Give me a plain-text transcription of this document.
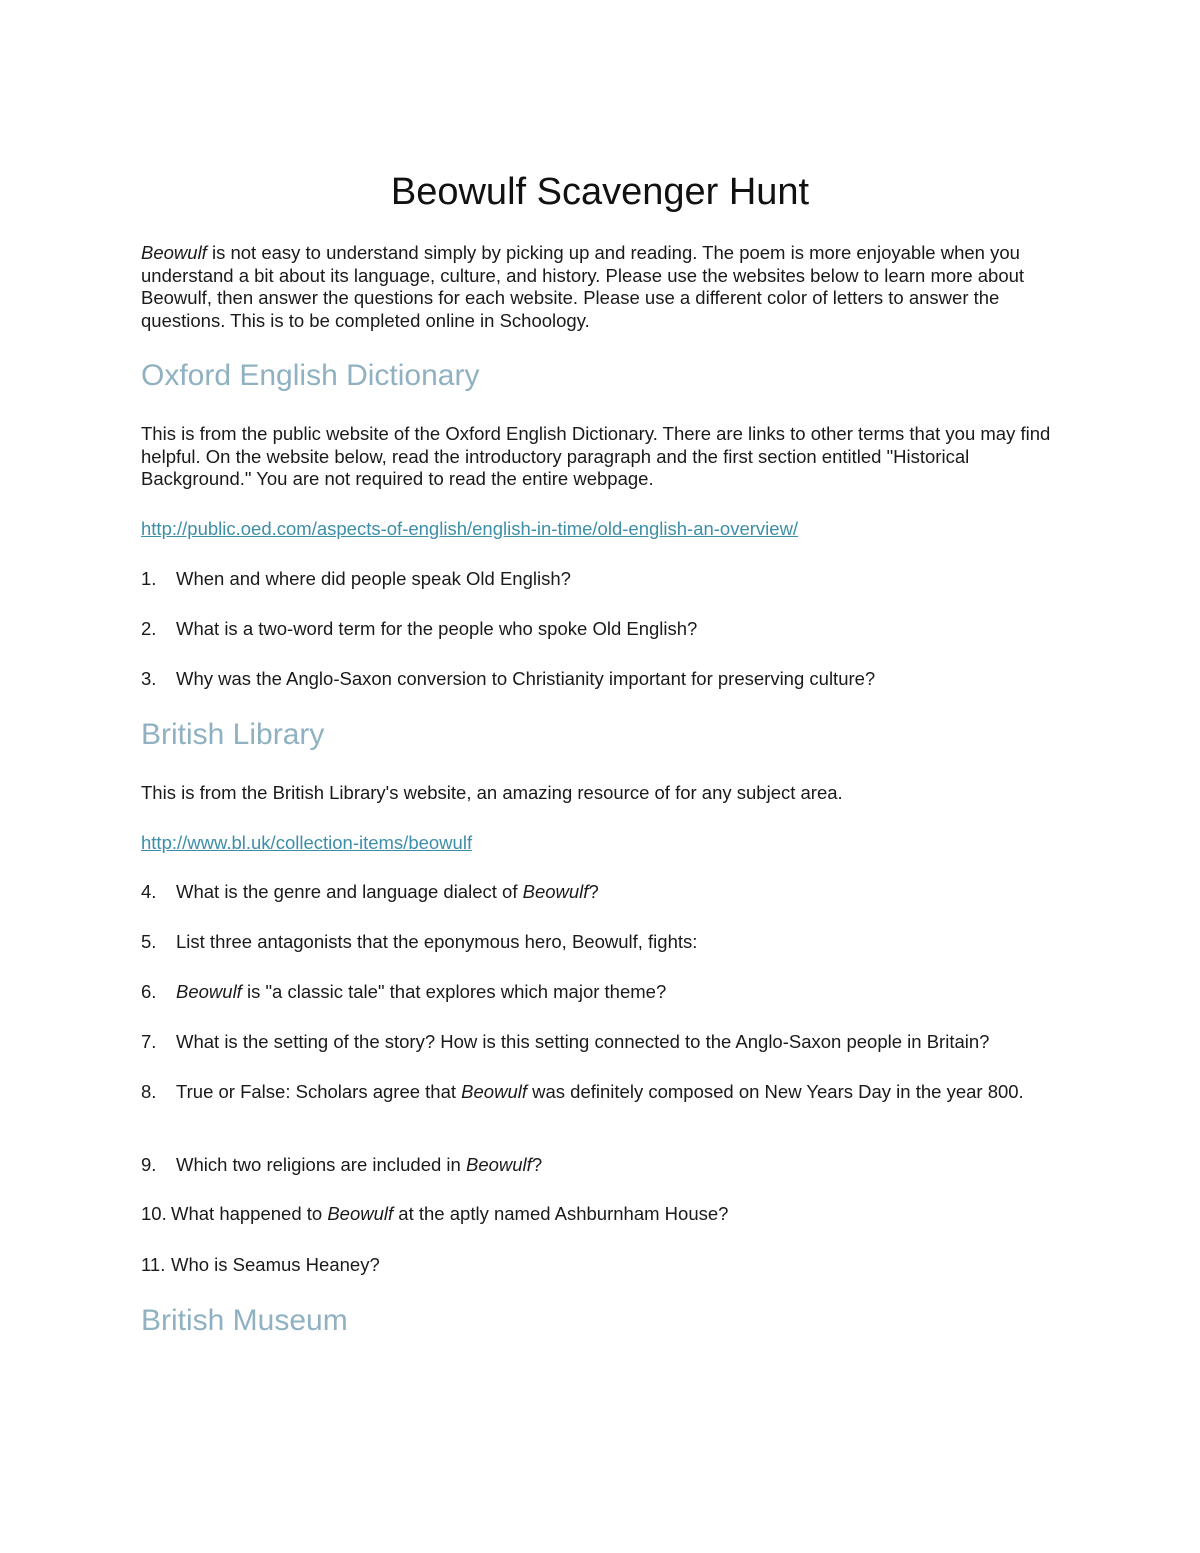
Beowulf Scavenger Hunt

Beowulf is not easy to understand simply by picking up and reading. The poem is more enjoyable when you understand a bit about its language, culture, and history. Please use the websites below to learn more about Beowulf, then answer the questions for each website. Please use a different color of letters to answer the questions. This is to be completed online in Schoology.

Oxford English Dictionary

This is from the public website of the Oxford English Dictionary. There are links to other terms that you may find helpful. On the website below, read the introductory paragraph and the first section entitled "Historical Background." You are not required to read the entire webpage.

http://public.oed.com/aspects-of-english/english-in-time/old-english-an-overview/

1. When and where did people speak Old English?

2. What is a two-word term for the people who spoke Old English?

3. Why was the Anglo-Saxon conversion to Christianity important for preserving culture?

British Library

This is from the British Library's website, an amazing resource of for any subject area.

http://www.bl.uk/collection-items/beowulf

4. What is the genre and language dialect of Beowulf?

5. List three antagonists that the eponymous hero, Beowulf, fights:

6. Beowulf is "a classic tale" that explores which major theme?

7. What is the setting of the story? How is this setting connected to the Anglo-Saxon people in Britain?

8. True or False: Scholars agree that Beowulf was definitely composed on New Years Day in the year 800.

9. Which two religions are included in Beowulf?

10. What happened to Beowulf at the aptly named Ashburnham House?

11. Who is Seamus Heaney?

British Museum
